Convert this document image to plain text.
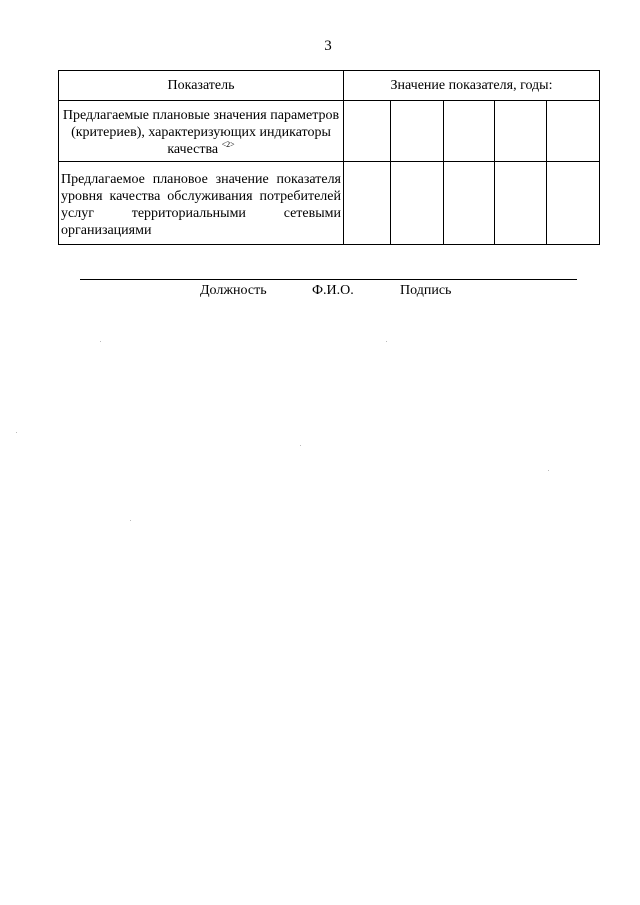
3
Показатель	Значение показателя, годы:				
Предлагаемые плановые значения параметров (критериев), характеризующих индикаторы качества $^{<2>}$					
Предлагаемое плановое значение показателя уровня качества обслуживания потребителей услуг территориальными сетевыми организациями					
Должность	Ф.И.О.	Подпись
